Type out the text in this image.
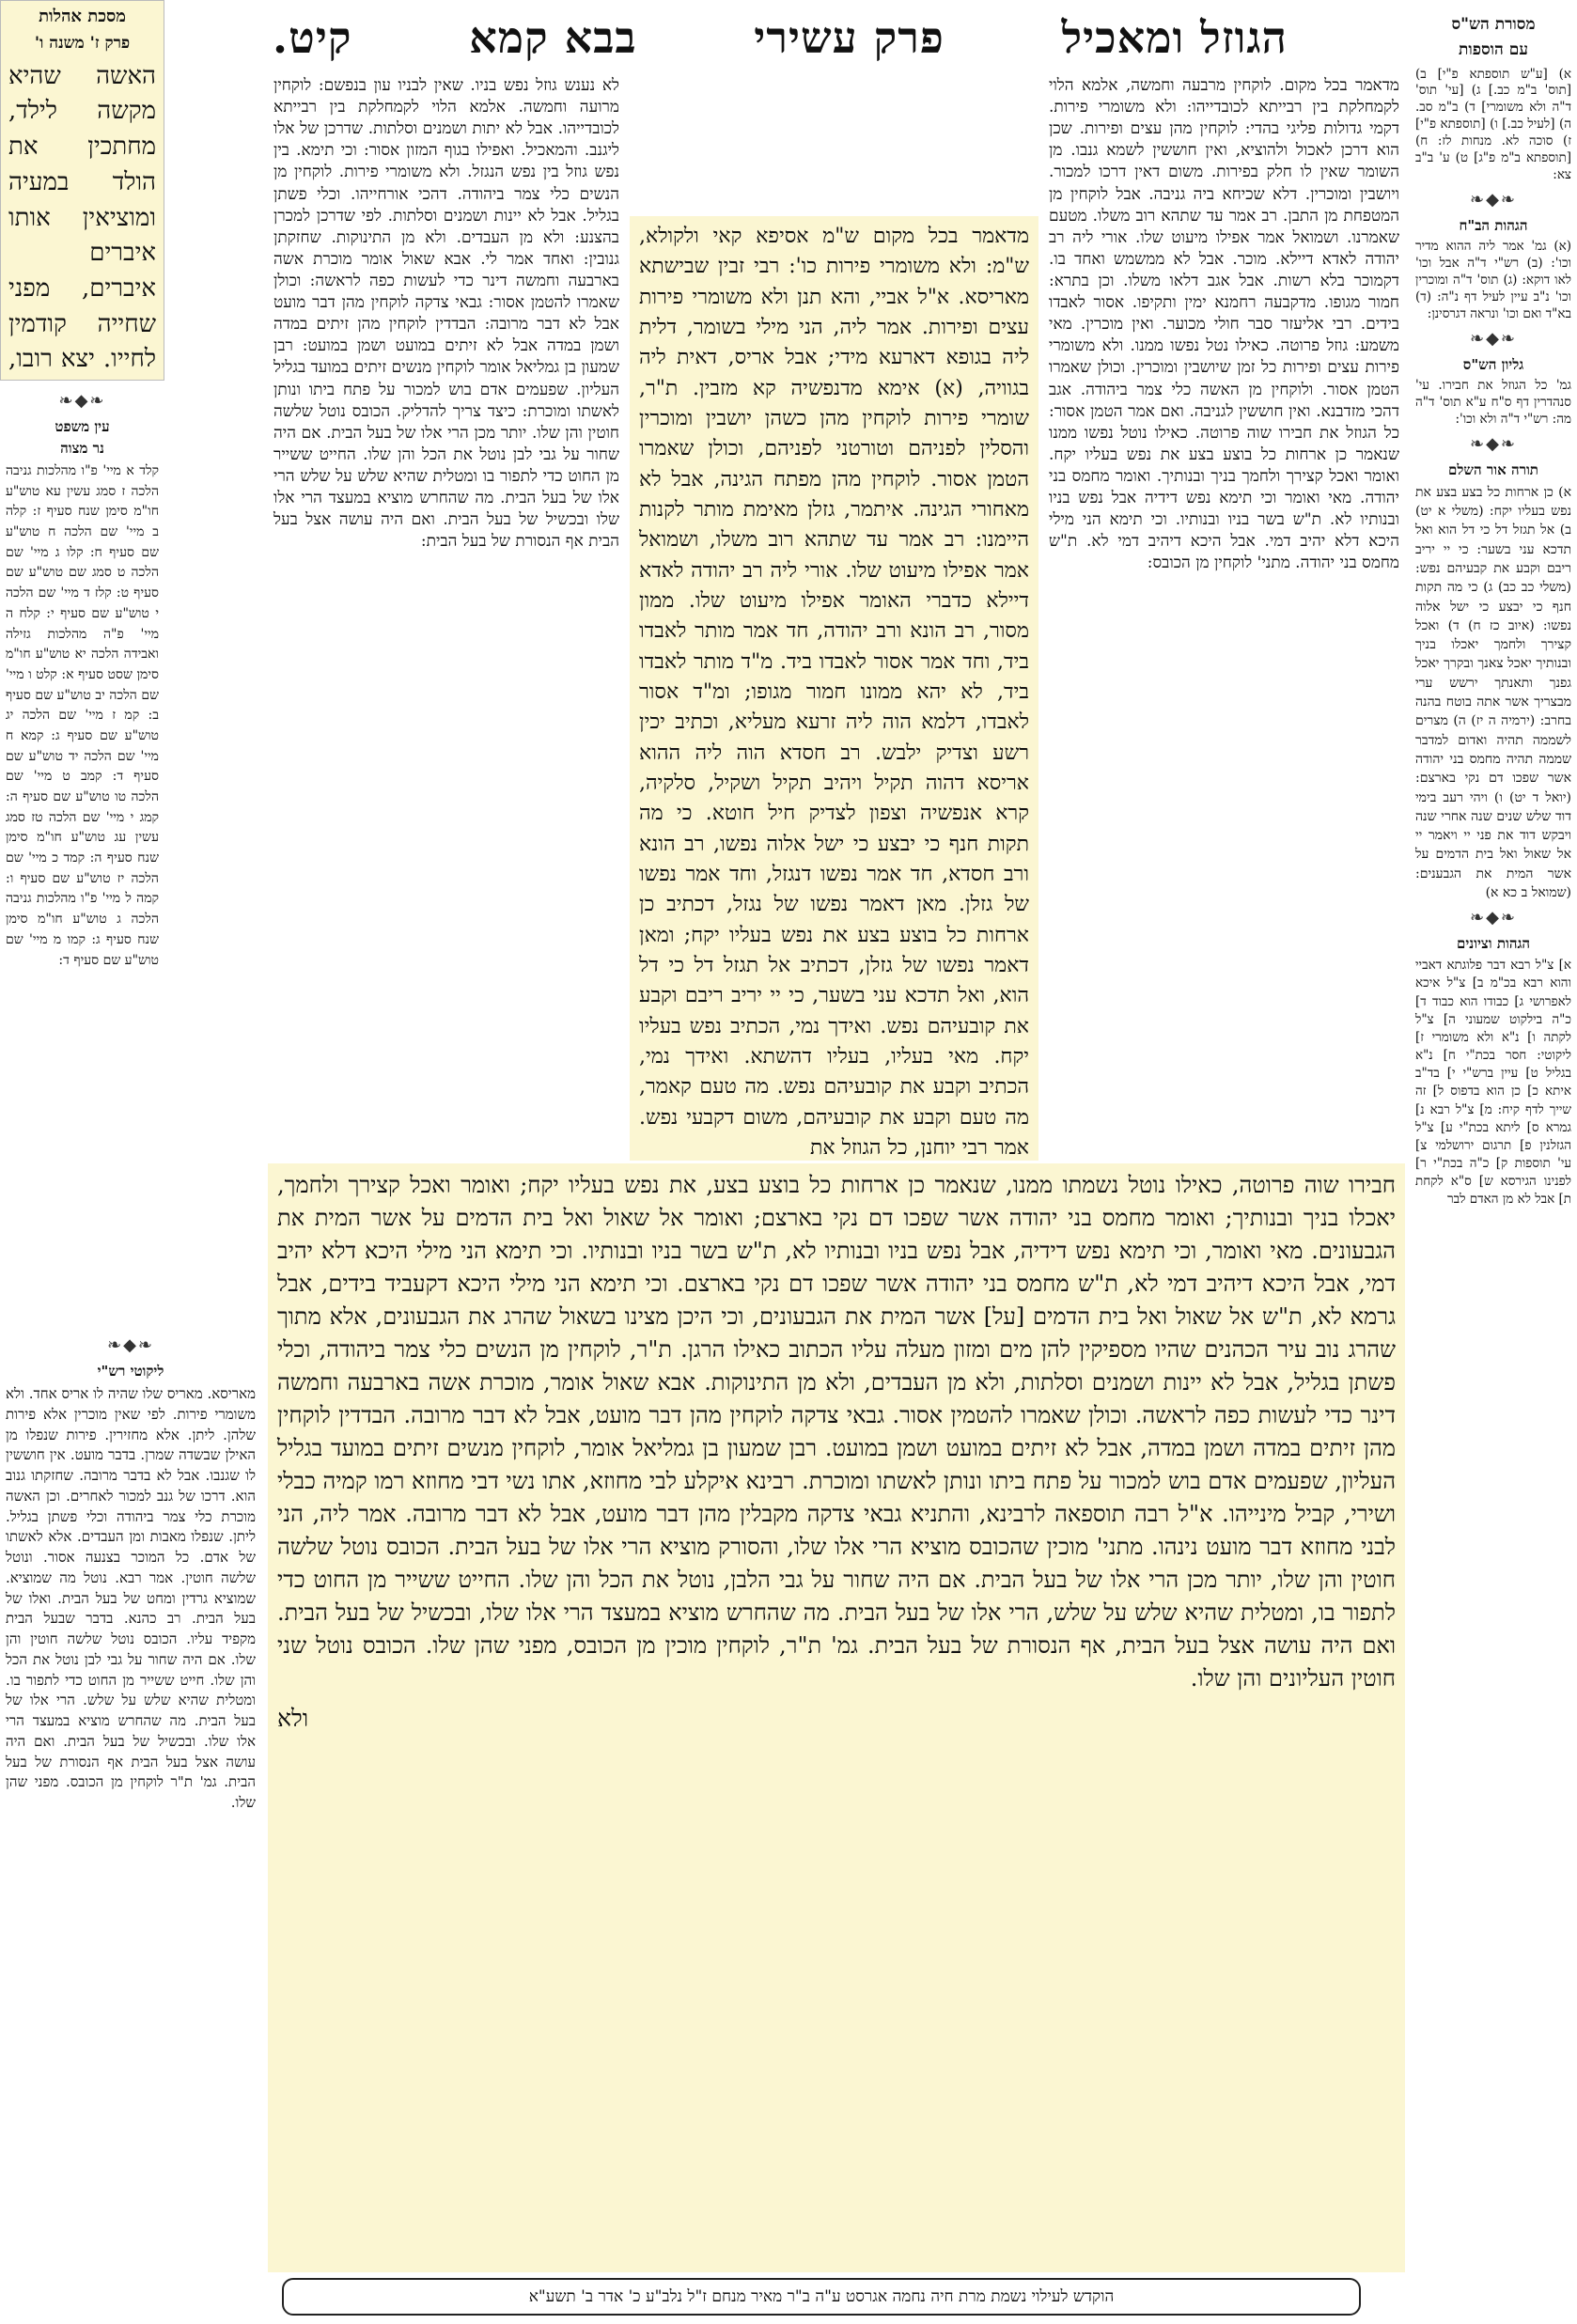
הגוזל ומאכיל
פרק עשירי
בבא קמא
קיט.
מסכת אהלות
פרק ז' משנה ו'
האשה שהיא מקשה לילד, מחתכין את הולד במעיה ומוציאין אותו איברים איברים, מפני שחייה קודמין לחייו. יצא רובו,
❧◆❧
עין משפט
נר מצוה
קלד א מיי' פ"ו מהלכות גניבה הלכה ז סמג עשין עא טוש"ע חו"מ סימן שנח סעיף ז: קלה ב מיי' שם הלכה ח טוש"ע שם סעיף ח: קלו ג מיי' שם הלכה ט סמג שם טוש"ע שם סעיף ט: קלז ד מיי' שם הלכה י טוש"ע שם סעיף י: קלח ה מיי' פ"ה מהלכות גזילה ואבידה הלכה יא טוש"ע חו"מ סימן שסט סעיף א: קלט ו מיי' שם הלכה יב טוש"ע שם סעיף ב: קמ ז מיי' שם הלכה יג טוש"ע שם סעיף ג: קמא ח מיי' שם הלכה יד טוש"ע שם סעיף ד: קמב ט מיי' שם הלכה טו טוש"ע שם סעיף ה: קמג י מיי' שם הלכה טז סמג עשין עג טוש"ע חו"מ סימן שנח סעיף ה: קמד כ מיי' שם הלכה יז טוש"ע שם סעיף ו: קמה ל מיי' פ"ו מהלכות גניבה הלכה ג טוש"ע חו"מ סימן שנח סעיף ג: קמו מ מיי' שם טוש"ע שם סעיף ד:
❧◆❧
ליקוטי רש"י
מאריסא. מאריס שלו שהיה לו אריס אחד. ולא משומרי פירות. לפי שאין מוכרין אלא פירות שלהן. ליתן. אלא מחזירין. פירות שנפלו מן האילן שבשדה שמרן. בדבר מועט. אין חוששין לו שגנבו. אבל לא בדבר מרובה. שחזקתו גנוב הוא. דרכו של גנב למכור לאחרים. וכן האשה מוכרת כלי צמר ביהודה וכלי פשתן בגליל. ליתן. שנפלו מאבות ומן העבדים. אלא לאשתו של אדם. כל המוכר בצנעה אסור. ונוטל שלשה חוטין. אמר רבא. נוטל מה שמוציא. שמוציא גרדין ומחט של בעל הבית. ואלו של בעל הבית. רב כהנא. בדבר שבעל הבית מקפיד עליו. הכובס נוטל שלשה חוטין והן שלו. אם היה שחור על גבי לבן נוטל את הכל והן שלו. חייט ששייר מן החוט כדי לתפור בו. ומטלית שהיא שלש על שלש. הרי אלו של בעל הבית. מה שהחרש מוציא במעצד הרי אלו שלו. ובכשיל של בעל הבית. ואם היה עושה אצל בעל הבית אף הנסורת של בעל הבית. גמ' ת"ר לוקחין מן הכובס. מפני שהן שלו.
מסורת הש"ס
עם הוספות
א) [ע"ש תוספתא פ"י] ב) [תוס' ב"מ כב.] ג) [עי' תוס' ד"ה ולא משומרי] ד) ב"מ סב. ה) [לעיל כב.] ו) [תוספתא פ"י] ז) סוכה לא. מנחות לז: ח) [תוספתא ב"מ פ"ג] ט) ע' ב"ב צא:
❧◆❧
הגהות הב"ח
(א) גמ' אמר ליה ההוא מדיר וכו': (ב) רש"י ד"ה אבל וכו' לאו דוקא: (ג) תוס' ד"ה ומוכרין וכו' נ"ב עיין לעיל דף נ"ה: (ד) בא"ד ואם וכו' ונראה דגרסינן:
❧◆❧
גליון הש"ס
גמ' כל הגוזל את חבירו. עי' סנהדרין דף ס"ח ע"א תוס' ד"ה מה: רש"י ד"ה ולא וכו':
❧◆❧
תורה אור השלם
א) כן ארחות כל בצע בצע את נפש בעליו יקח: (משלי א יט) ב) אל תגזל דל כי דל הוא ואל תדכא עני בשער: כי יי יריב ריבם וקבע את קבעיהם נפש: (משלי כב כב) ג) כי מה תקות חנף כי יבצע כי ישל אלוה נפשו: (איוב כז ח) ד) ואכל קצירך ולחמך יאכלו בניך ובנותיך יאכל צאנך ובקרך יאכל גפנך ותאנתך ירשש ערי מבצריך אשר אתה בוטח בהנה בחרב: (ירמיה ה יז) ה) מצרים לשממה תהיה ואדום למדבר שממה תהיה מחמס בני יהודה אשר שפכו דם נקי בארצם: (יואל ד יט) ו) ויהי רעב בימי דוד שלש שנים שנה אחרי שנה ויבקש דוד את פני יי ויאמר יי אל שאול ואל בית הדמים על אשר המית את הגבענים: (שמואל ב כא א)
❧◆❧
הגהות וציונים
א] צ"ל רבא דבר פלוגתא דאביי והוא רבא בכ"מ ב] צ"ל איכא לאפרושי ג] כבודו הוא כבוד ד] כ"ה בילקוט שמעוני ה] צ"ל לקתה ו] נ"א ולא משומרי ז] ליקוטי: חסר בכת"י ח] נ"א בגליל ט] עיין ברש"י י] בד"ב איתא כ] כן הוא בדפוס ל] זה שייך לדף קיח: מ] צ"ל רבא נ] גמרא ס] ליתא בכת"י ע] צ"ל הגזלנין פ] תרגום ירושלמי צ] עי' תוספות ק] כ"ה בכת"י ר] לפנינו הגירסא ש] ס"א לקחת ת] אבל לא מן האדם לבר
מדאמר בכל מקום. לוקחין מרבעה וחמשה, אלמא הלוי לקמחלקת בין רבייתא לכובדייהו: ולא משומרי פירות. דקמי גדולות פליגי בהדי: לוקחין מהן עצים ופירות. שכן הוא דרכן לאכול ולהוציא, ואין חוששין לשמא גנבו. מן השומר שאין לו חלק בפירות. משום דאין דרכו למכור. ויושבין ומוכרין. דלא שכיחא ביה גניבה. אבל לוקחין מן המטפחת מן התבן. רב אמר עד שתהא רוב משלו. מטעם שאמרנו. ושמואל אמר אפילו מיעוט שלו. אורי ליה רב יהודה לאדא דיילא. מוכר. אבל לא ממשמש ואחד בו. דקמוכר בלא רשות. אבל אגב דלאו משלו. וכן בתרא: חמור מגופו. מדקבעה רחמנא ימין ותקיפו. אסור לאבדו בידים. רבי אליעזר סבר חולי מכוער. ואין מוכרין. מאי משמע: גוזל פרוטה. כאילו נטל נפשו ממנו. ולא משומרי פירות עצים ופירות כל זמן שיושבין ומוכרין. וכולן שאמרו הטמן אסור. ולוקחין מן האשה כלי צמר ביהודה. אגב דהכי מזדבנא. ואין חוששין לגניבה. ואם אמר הטמן אסור: כל הגוזל את חבירו שוה פרוטה. כאילו נוטל נפשו ממנו שנאמר כן ארחות כל בוצע בצע את נפש בעליו יקח. ואומר ואכל קצירך ולחמך בניך ובנותיך. ואומר מחמס בני יהודה. מאי ואומר וכי תימא נפש דידיה אבל נפש בניו ובנותיו לא. ת"ש בשר בניו ובנותיו. וכי תימא הני מילי היכא דלא יהיב דמי. אבל היכא דיהיב דמי לא. ת"ש מחמס בני יהודה. מתני' לוקחין מן הכובס:
לא נענש גוזל נפש בניו. שאין לבניו עון בנפשם: לוקחין מרועה וחמשה. אלמא הלוי לקמחלקת בין רבייתא לכובדייהו. אבל לא יתות ושמנים וסלתות. שדרכן של אלו ליגנב. והמאכיל. ואפילו בגוף המזון אסור: וכי תימא. בין נפש גוזל בין נפש הנגזל. ולא משומרי פירות. לוקחין מן הנשים כלי צמר ביהודה. דהכי אורחייהו. וכלי פשתן בגליל. אבל לא יינות ושמנים וסלתות. לפי שדרכן למכרן בהצנע: ולא מן העבדים. ולא מן התינוקות. שחזקתן גנובין: ואחד אמר לי. אבא שאול אומר מוכרת אשה בארבעה וחמשה דינר כדי לעשות כפה לראשה: וכולן שאמרו להטמן אסור: גבאי צדקה לוקחין מהן דבר מועט אבל לא דבר מרובה: הבדדין לוקחין מהן זיתים במדה ושמן במדה אבל לא זיתים במועט ושמן במועט: רבן שמעון בן גמליאל אומר לוקחין מנשים זיתים במועד בגליל העליון. שפעמים אדם בוש למכור על פתח ביתו ונותן לאשתו ומוכרת: כיצד צריך להדליק. הכובס נוטל שלשה חוטין והן שלו. יותר מכן הרי אלו של בעל הבית. אם היה שחור על גבי לבן נוטל את הכל והן שלו. החייט ששייר מן החוט כדי לתפור בו ומטלית שהיא שלש על שלש הרי אלו של בעל הבית. מה שהחרש מוציא במעצד הרי אלו שלו ובכשיל של בעל הבית. ואם היה עושה אצל בעל הבית אף הנסורת של בעל הבית:
מדאמר בכל מקום ש"מ אסיפא קאי ולקולא, ש"מ: ולא משומרי פירות כו': רבי זבין שבישתא מאריסא. א"ל אביי, והא תנן ולא משומרי פירות עצים ופירות. אמר ליה, הני מילי בשומר, דלית ליה בגופא דארעא מידי; אבל אריס, דאית ליה בגוויה, (א) אימא מדנפשיה קא מזבין. ת"ר, שומרי פירות לוקחין מהן כשהן יושבין ומוכרין והסלין לפניהם וטורטני לפניהם, וכולן שאמרו הטמן אסור. לוקחין מהן מפתח הגינה, אבל לא מאחורי הגינה. איתמר, גזלן מאימת מותר לקנות היימנו: רב אמר עד שתהא רוב משלו, ושמואל אמר אפילו מיעוט שלו. אורי ליה רב יהודה לאדא דיילא כדברי האומר אפילו מיעוט שלו. ממון מסור, רב הונא ורב יהודה, חד אמר מותר לאבדו ביד, וחד אמר אסור לאבדו ביד. מ"ד מותר לאבדו ביד, לא יהא ממונו חמור מגופו; ומ"ד אסור לאבדו, דלמא הוה ליה זרעא מעליא, וכתיב יכין רשע וצדיק ילבש. רב חסדא הוה ליה ההוא אריסא דהוה תקיל ויהיב תקיל ושקיל, סלקיה, קרא אנפשיה וצפון לצדיק חיל חוטא. כי מה תקות חנף כי יבצע כי ישל אלוה נפשו, רב הונא ורב חסדא, חד אמר נפשו דנגזל, וחד אמר נפשו של גזלן. מאן דאמר נפשו של נגזל, דכתיב כן ארחות כל בוצע בצע את נפש בעליו יקח; ומאן דאמר נפשו של גזלן, דכתיב אל תגזל דל כי דל הוא, ואל תדכא עני בשער, כי יי יריב ריבם וקבע את קובעיהם נפש. ואידך נמי, הכתיב נפש בעליו יקח. מאי בעליו, בעליו דהשתא. ואידך נמי, הכתיב וקבע את קובעיהם נפש. מה טעם קאמר, מה טעם וקבע את קובעיהם, משום דקבעי נפש. אמר רבי יוחנן, כל הגוזל את
חבירו שוה פרוטה, כאילו נוטל נשמתו ממנו, שנאמר כן ארחות כל בוצע בצע, את נפש בעליו יקח; ואומר ואכל קצירך ולחמך, יאכלו בניך ובנותיך; ואומר מחמס בני יהודה אשר שפכו דם נקי בארצם; ואומר אל שאול ואל בית הדמים על אשר המית את הגבעונים. מאי ואומר, וכי תימא נפש דידיה, אבל נפש בניו ובנותיו לא, ת"ש בשר בניו ובנותיו. וכי תימא הני מילי היכא דלא יהיב דמי, אבל היכא דיהיב דמי לא, ת"ש מחמס בני יהודה אשר שפכו דם נקי בארצם. וכי תימא הני מילי היכא דקעביד בידים, אבל גרמא לא, ת"ש אל שאול ואל בית הדמים [על] אשר המית את הגבעונים, וכי היכן מצינו בשאול שהרג את הגבעונים, אלא מתוך שהרג נוב עיר הכהנים שהיו מספיקין להן מים ומזון מעלה עליו הכתוב כאילו הרגן. ת"ר, לוקחין מן הנשים כלי צמר ביהודה, וכלי פשתן בגליל, אבל לא יינות ושמנים וסלתות, ולא מן העבדים, ולא מן התינוקות. אבא שאול אומר, מוכרת אשה בארבעה וחמשה דינר כדי לעשות כפה לראשה. וכולן שאמרו להטמין אסור. גבאי צדקה לוקחין מהן דבר מועט, אבל לא דבר מרובה. הבדדין לוקחין מהן זיתים במדה ושמן במדה, אבל לא זיתים במועט ושמן במועט. רבן שמעון בן גמליאל אומר, לוקחין מנשים זיתים במועד בגליל העליון, שפעמים אדם בוש למכור על פתח ביתו ונותן לאשתו ומוכרת. רבינא איקלע לבי מחוזא, אתו נשי דבי מחוזא רמו קמיה כבלי ושירי, קביל מינייהו. א"ל רבה תוספאה לרבינא, והתניא גבאי צדקה מקבלין מהן דבר מועט, אבל לא דבר מרובה. אמר ליה, הני לבני מחוזא דבר מועט נינהו. מתני' מוכין שהכובס מוציא הרי אלו שלו, והסורק מוציא הרי אלו של בעל הבית. הכובס נוטל שלשה חוטין והן שלו, יותר מכן הרי אלו של בעל הבית. אם היה שחור על גבי הלבן, נוטל את הכל והן שלו. החייט ששייר מן החוט כדי לתפור בו, ומטלית שהיא שלש על שלש, הרי אלו של בעל הבית. מה שהחרש מוציא במעצד הרי אלו שלו, ובכשיל של בעל הבית. ואם היה עושה אצל בעל הבית, אף הנסורת של בעל הבית. גמ' ת"ר, לוקחין מוכין מן הכובס, מפני שהן שלו. הכובס נוטל שני חוטין העליונים והן שלו.
ולא
הוקדש לעילוי נשמת מרת חיה נחמה אגרסט ע"ה ב"ר מאיר מנחם ז"ל נלב"ע כ' אדר ב' תשע"א
